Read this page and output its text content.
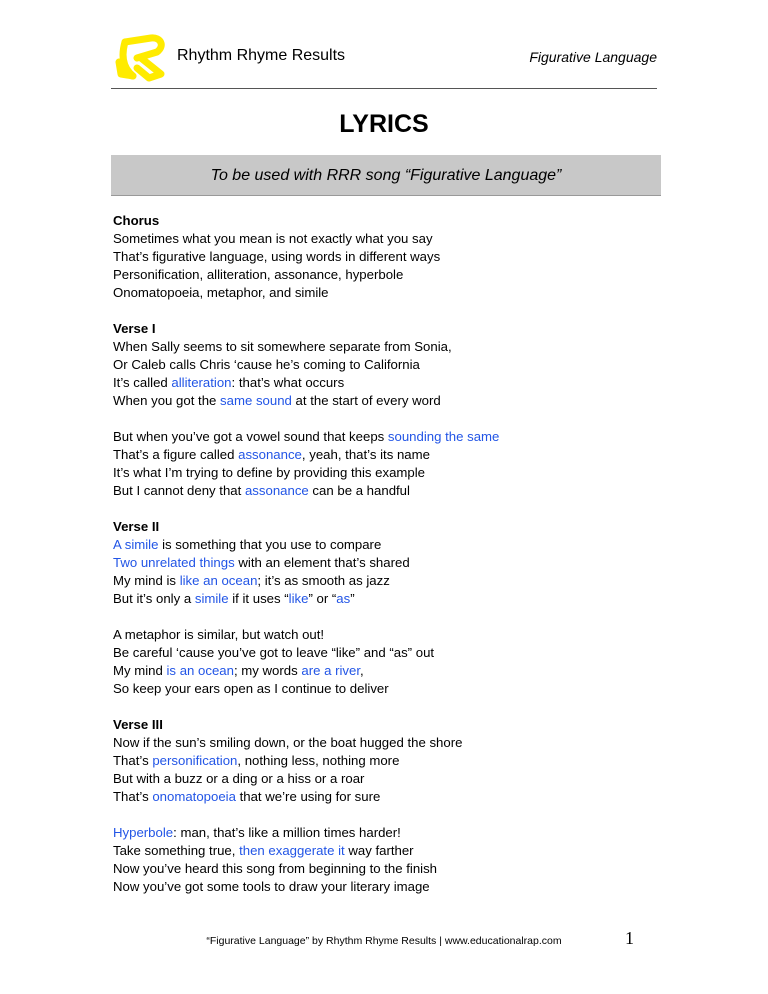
Rhythm Rhyme Results	Figurative Language
LYRICS
To be used with RRR song “Figurative Language”
Chorus
Sometimes what you mean is not exactly what you say
That’s figurative language, using words in different ways
Personification, alliteration, assonance, hyperbole
Onomatopoeia, metaphor, and simile
Verse I
When Sally seems to sit somewhere separate from Sonia,
Or Caleb calls Chris ‘cause he’s coming to California
It’s called alliteration: that’s what occurs
When you got the same sound at the start of every word
But when you’ve got a vowel sound that keeps sounding the same
That’s a figure called assonance, yeah, that’s its name
It’s what I’m trying to define by providing this example
But I cannot deny that assonance can be a handful
Verse II
A simile is something that you use to compare
Two unrelated things with an element that’s shared
My mind is like an ocean; it’s as smooth as jazz
But it’s only a simile if it uses “like” or “as”
A metaphor is similar, but watch out!
Be careful ‘cause you’ve got to leave “like” and “as” out
My mind is an ocean; my words are a river,
So keep your ears open as I continue to deliver
Verse III
Now if the sun’s smiling down, or the boat hugged the shore
That’s personification, nothing less, nothing more
But with a buzz or a ding or a hiss or a roar
That’s onomatopoeia that we’re using for sure
Hyperbole: man, that’s like a million times harder!
Take something true, then exaggerate it way farther
Now you’ve heard this song from beginning to the finish
Now you’ve got some tools to draw your literary image
“Figurative Language” by Rhythm Rhyme Results | www.educationalrap.com	1
